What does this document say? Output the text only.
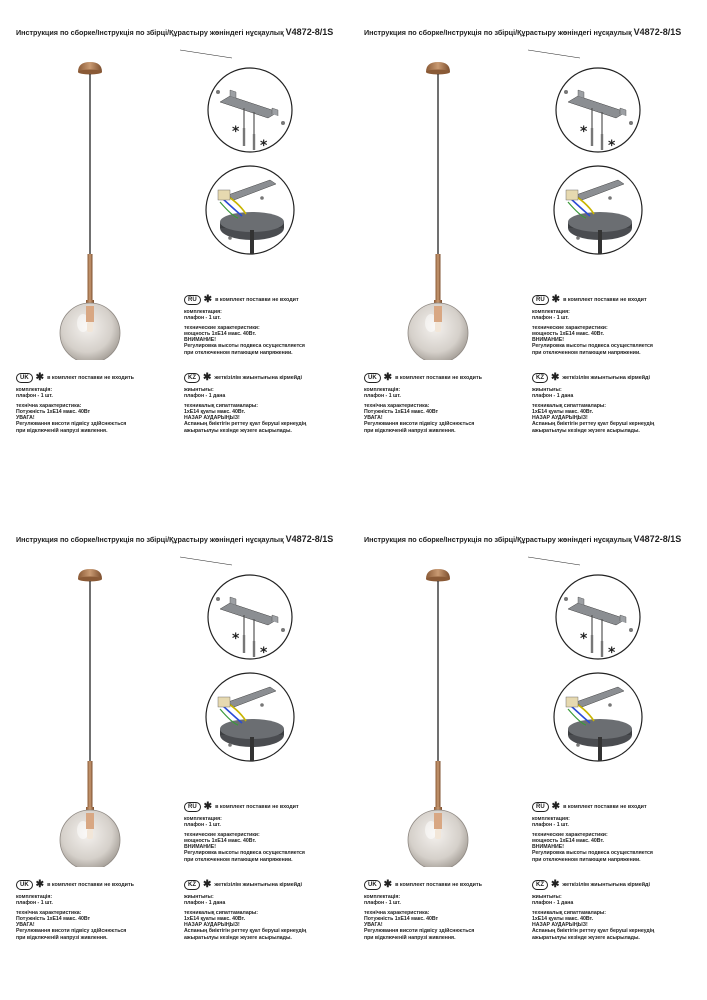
Инструкция по сборке/Інструкція по збірці/Құрастыру жөніндегі нұсқаулық V4872-8/1S
*
*
RU ✱ в комплект поставки не входит
комплектация:
плафон - 1 шт.
технические характеристики:
мощность 1хЕ14 макс. 40Вт.
ВНИМАНИЕ!
Регулировка высоты подвеса осуществляется
при отключенном питающем напряжении.
UK ✱ в комплект поставки не входить
комплектація:
плафон - 1 шт.
технічна характеристика:
Потужність 1хЕ14 макс. 40Вт
УВАГА!
Регулювання висоти підвісу здійснюється
при відключеній напрузі живлення.
KZ ✱ жеткізілім жиынтығына кірмейді
жиынтығы:
плафон - 1 дана
техникалық сипаттамалары:
1хЕ14 қуаты макс. 40Вт.
НАЗАР АУДАРЫҢЫЗ!
Аспаның биіктігін реттеу қуат беруші кернеудің
ажыратылуы кезінде жүзеге асырылады.
Инструкция по сборке/Інструкція по збірці/Құрастыру жөніндегі нұсқаулық V4872-8/1S
*
*
RU ✱ в комплект поставки не входит
комплектация:
плафон - 1 шт.
технические характеристики:
мощность 1хЕ14 макс. 40Вт.
ВНИМАНИЕ!
Регулировка высоты подвеса осуществляется
при отключенном питающем напряжении.
UK ✱ в комплект поставки не входить
комплектація:
плафон - 1 шт.
технічна характеристика:
Потужність 1хЕ14 макс. 40Вт
УВАГА!
Регулювання висоти підвісу здійснюється
при відключеній напрузі живлення.
KZ ✱ жеткізілім жиынтығына кірмейді
жиынтығы:
плафон - 1 дана
техникалық сипаттамалары:
1хЕ14 қуаты макс. 40Вт.
НАЗАР АУДАРЫҢЫЗ!
Аспаның биіктігін реттеу қуат беруші кернеудің
ажыратылуы кезінде жүзеге асырылады.
Инструкция по сборке/Інструкція по збірці/Құрастыру жөніндегі нұсқаулық V4872-8/1S
*
*
RU ✱ в комплект поставки не входит
комплектация:
плафон - 1 шт.
технические характеристики:
мощность 1хЕ14 макс. 40Вт.
ВНИМАНИЕ!
Регулировка высоты подвеса осуществляется
при отключенном питающем напряжении.
UK ✱ в комплект поставки не входить
комплектація:
плафон - 1 шт.
технічна характеристика:
Потужність 1хЕ14 макс. 40Вт
УВАГА!
Регулювання висоти підвісу здійснюється
при відключеній напрузі живлення.
KZ ✱ жеткізілім жиынтығына кірмейді
жиынтығы:
плафон - 1 дана
техникалық сипаттамалары:
1хЕ14 қуаты макс. 40Вт.
НАЗАР АУДАРЫҢЫЗ!
Аспаның биіктігін реттеу қуат беруші кернеудің
ажыратылуы кезінде жүзеге асырылады.
Инструкция по сборке/Інструкція по збірці/Құрастыру жөніндегі нұсқаулық V4872-8/1S
*
*
RU ✱ в комплект поставки не входит
комплектация:
плафон - 1 шт.
технические характеристики:
мощность 1хЕ14 макс. 40Вт.
ВНИМАНИЕ!
Регулировка высоты подвеса осуществляется
при отключенном питающем напряжении.
UK ✱ в комплект поставки не входить
комплектація:
плафон - 1 шт.
технічна характеристика:
Потужність 1хЕ14 макс. 40Вт
УВАГА!
Регулювання висоти підвісу здійснюється
при відключеній напрузі живлення.
KZ ✱ жеткізілім жиынтығына кірмейді
жиынтығы:
плафон - 1 дана
техникалық сипаттамалары:
1хЕ14 қуаты макс. 40Вт.
НАЗАР АУДАРЫҢЫЗ!
Аспаның биіктігін реттеу қуат беруші кернеудің
ажыратылуы кезінде жүзеге асырылады.
